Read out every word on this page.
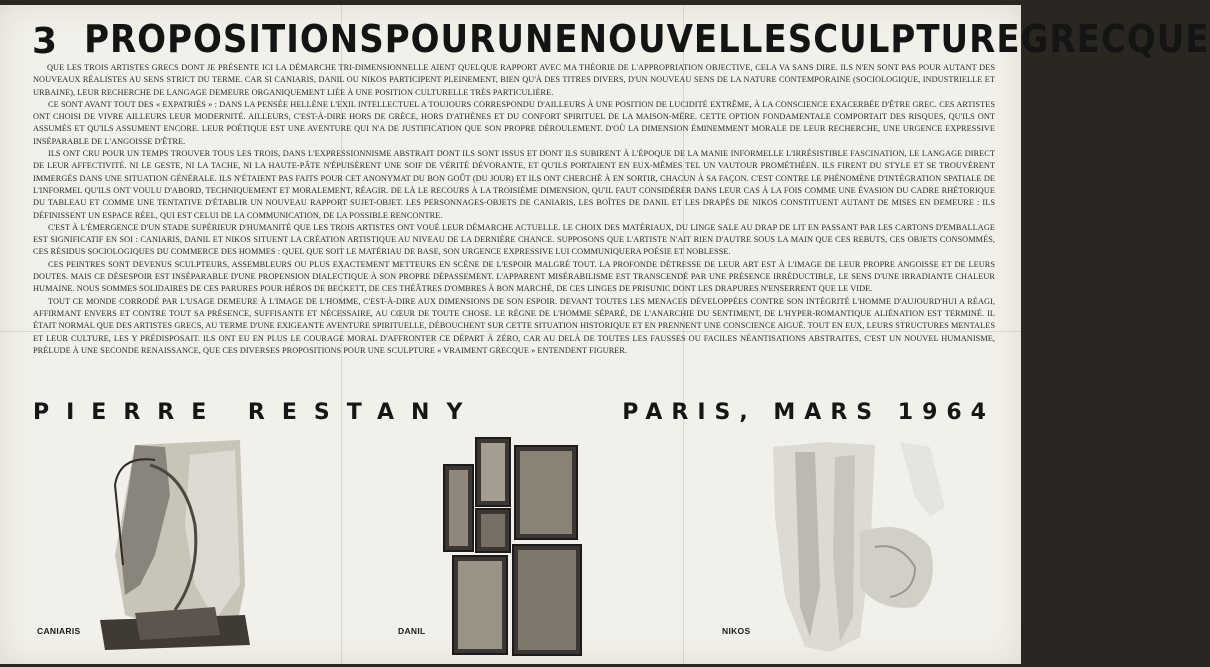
3 PROPOSITIONS POUR UNE NOUVELLE SCULPTURE GRECQUE

QUE LES TROIS ARTISTES GRECS DONT JE PRÉSENTE ICI LA DÉMARCHE TRI-DIMENSIONNELLE AIENT QUELQUE RAPPORT AVEC MA THÉORIE DE L'APPROPRIATION OBJECTIVE, CELA VA SANS DIRE. ILS N'EN SONT PAS POUR AUTANT DES NOUVEAUX RÉALISTES AU SENS STRICT DU TERME. CAR SI CANIARIS, DANIL OU NIKOS PARTICIPENT PLEINEMENT, BIEN QU'À DES TITRES DIVERS, D'UN NOUVEAU SENS DE LA NATURE CONTEMPORAINE (SOCIOLOGIQUE, INDUSTRIELLE ET URBAINE), LEUR RECHERCHE DE LANGAGE DEMEURE ORGANIQUEMENT LIÉE À UNE POSITION CULTURELLE TRÈS PARTICULIÈRE.

CE SONT AVANT TOUT DES « EXPATRIÉS » : DANS LA PENSÉE HELLÈNE L'EXIL INTELLECTUEL A TOUJOURS CORRESPONDU D'AILLEURS À UNE POSITION DE LUCIDITÉ EXTRÊME, À LA CONSCIENCE EXACERBÉE D'ÊTRE GREC. CES ARTISTES ONT CHOISI DE VIVRE AILLEURS LEUR MODERNITÉ. AILLEURS, C'EST-À-DIRE HORS DE GRÈCE, HORS D'ATHÈNES ET DU CONFORT SPIRITUEL DE LA MAISON-MÈRE. CETTE OPTION FONDAMENTALE COMPORTAIT DES RISQUES, QU'ILS ONT ASSUMÉS ET QU'ILS ASSUMENT ENCORE. LEUR POÉTIQUE EST UNE AVENTURE QUI N'A DE JUSTIFICATION QUE SON PROPRE DÉROULEMENT. D'OÙ LA DIMENSION ÉMINEMMENT MORALE DE LEUR RECHERCHE, UNE URGENCE EXPRESSIVE INSÉPARABLE DE L'ANGOISSE D'ÊTRE.

ILS ONT CRU POUR UN TEMPS TROUVER TOUS LES TROIS, DANS L'EXPRESSIONNISME ABSTRAIT DONT ILS SONT ISSUS ET DONT ILS SUBIRENT À L'ÉPOQUE DE LA MANIE INFORMELLE L'IRRÉSISTIBLE FASCINATION, LE LANGAGE DIRECT DE LEUR AFFECTIVITÉ. NI LE GESTE, NI LA TACHE, NI LA HAUTE-PÂTE N'ÉPUISÈRENT UNE SOIF DE VÉRITÉ DÉVORANTE, ET QU'ILS PORTAIENT EN EUX-MÊMES TEL UN VAUTOUR PROMÉTHÉEN. ILS FIRENT DU STYLE ET SE TROUVÈRENT IMMERGÉS DANS UNE SITUATION GÉNÉRALE. ILS N'ÉTAIENT PAS FAITS POUR CET ANONYMAT DU BON GOÛT (DU JOUR) ET ILS ONT CHERCHÉ À EN SORTIR, CHACUN À SA FAÇON. C'EST CONTRE LE PHÉNOMÈNE D'INTÉGRATION SPATIALE DE L'INFORMEL QU'ILS ONT VOULU D'ABORD, TECHNIQUEMENT ET MORALEMENT, RÉAGIR. DE LÀ LE RECOURS À LA TROISIÈME DIMENSION, QU'IL FAUT CONSIDÉRER DANS LEUR CAS À LA FOIS COMME UNE ÉVASION DU CADRE RHÉTORIQUE DU TABLEAU ET COMME UNE TENTATIVE D'ÉTABLIR UN NOUVEAU RAPPORT SUJET-OBJET. LES PERSONNAGES-OBJETS DE CANIARIS, LES BOÎTES DE DANIL ET LES DRAPÉS DE NIKOS CONSTITUENT AUTANT DE MISES EN DEMEURE : ILS DÉFINISSENT UN ESPACE RÉEL, QUI EST CELUI DE LA COMMUNICATION, DE LA POSSIBLE RENCONTRE.

C'EST À L'ÉMERGENCE D'UN STADE SUPÉRIEUR D'HUMANITÉ QUE LES TROIS ARTISTES ONT VOUÉ LEUR DÉMARCHE ACTUELLE. LE CHOIX DES MATÉRIAUX, DU LINGE SALE AU DRAP DE LIT EN PASSANT PAR LES CARTONS D'EMBALLAGE EST SIGNIFICATIF EN SOI : CANIARIS, DANIL ET NIKOS SITUENT LA CRÉATION ARTISTIQUE AU NIVEAU DE LA DERNIÈRE CHANCE. SUPPOSONS QUE L'ARTISTE N'AIT RIEN D'AUTRE SOUS LA MAIN QUE CES REBUTS, CES OBJETS CONSOMMÉS, CES RÉSIDUS SOCIOLOGIQUES DU COMMERCE DES HOMMES : QUEL QUE SOIT LE MATÉRIAU DE BASE, SON URGENCE EXPRESSIVE LUI COMMUNIQUERA POÉSIE ET NOBLESSE.

CES PEINTRES SONT DEVENUS SCULPTEURS, ASSEMBLEURS OU PLUS EXACTEMENT METTEURS EN SCÈNE DE L'ESPOIR MALGRÉ TOUT. LA PROFONDE DÉTRESSE DE LEUR ART EST À L'IMAGE DE LEUR PROPRE ANGOISSE ET DE LEURS DOUTES. MAIS CE DÉSESPOIR EST INSÉPARABLE D'UNE PROPENSION DIALECTIQUE À SON PROPRE DÉPASSEMENT. L'APPARENT MISÉRABILISME EST TRANSCENDÉ PAR UNE PRÉSENCE IRRÉDUCTIBLE, LE SENS D'UNE IRRADIANTE CHALEUR HUMAINE. NOUS SOMMES SOLIDAIRES DE CES PARURES POUR HÉROS DE BECKETT, DE CES THÉÂTRES D'OMBRES À BON MARCHÉ, DE CES LINGES DE PRISUNIC DONT LES DRAPURES N'ENSERRENT QUE LE VIDE.

TOUT CE MONDE CORRODÉ PAR L'USAGE DEMEURE À L'IMAGE DE L'HOMME, C'EST-À-DIRE AUX DIMENSIONS DE SON ESPOIR. DEVANT TOUTES LES MENACES DÉVELOPPÉES CONTRE SON INTÉGRITÉ L'HOMME D'AUJOURD'HUI A RÉAGI, AFFIRMANT ENVERS ET CONTRE TOUT SA PRÉSENCE, SUFFISANTE ET NÉCESSAIRE, AU CŒUR DE TOUTE CHOSE. LE RÈGNE DE L'HOMME SÉPARÉ, DE L'ANARCHIE DU SENTIMENT, DE L'HYPER-ROMANTIQUE ALIÉNATION EST TERMINÉ. IL ÉTAIT NORMAL QUE DES ARTISTES GRECS, AU TERME D'UNE EXIGEANTE AVENTURE SPIRITUELLE, DÉBOUCHENT SUR CETTE SITUATION HISTORIQUE ET EN PRENNENT UNE CONSCIENCE AIGUË. TOUT EN EUX, LEURS STRUCTURES MENTALES ET LEUR CULTURE, LES Y PRÉDISPOSAIT. ILS ONT EU EN PLUS LE COURAGE MORAL D'AFFRONTER CE DÉPART À ZÉRO, CAR AU DELÀ DE TOUTES LES FAUSSES OU FACILES NÉANTISATIONS ABSTRAITES, C'EST UN NOUVEL HUMANISME, PRÉLUDE À UNE SECONDE RENAISSANCE, QUE CES DIVERSES PROPOSITIONS POUR UNE SCULPTURE « VRAIMENT GRECQUE » ENTENDENT FIGURER.

PIERRE RESTANY	PARIS, MARS 1964
CANIARIS	DANIL	NIKOS
